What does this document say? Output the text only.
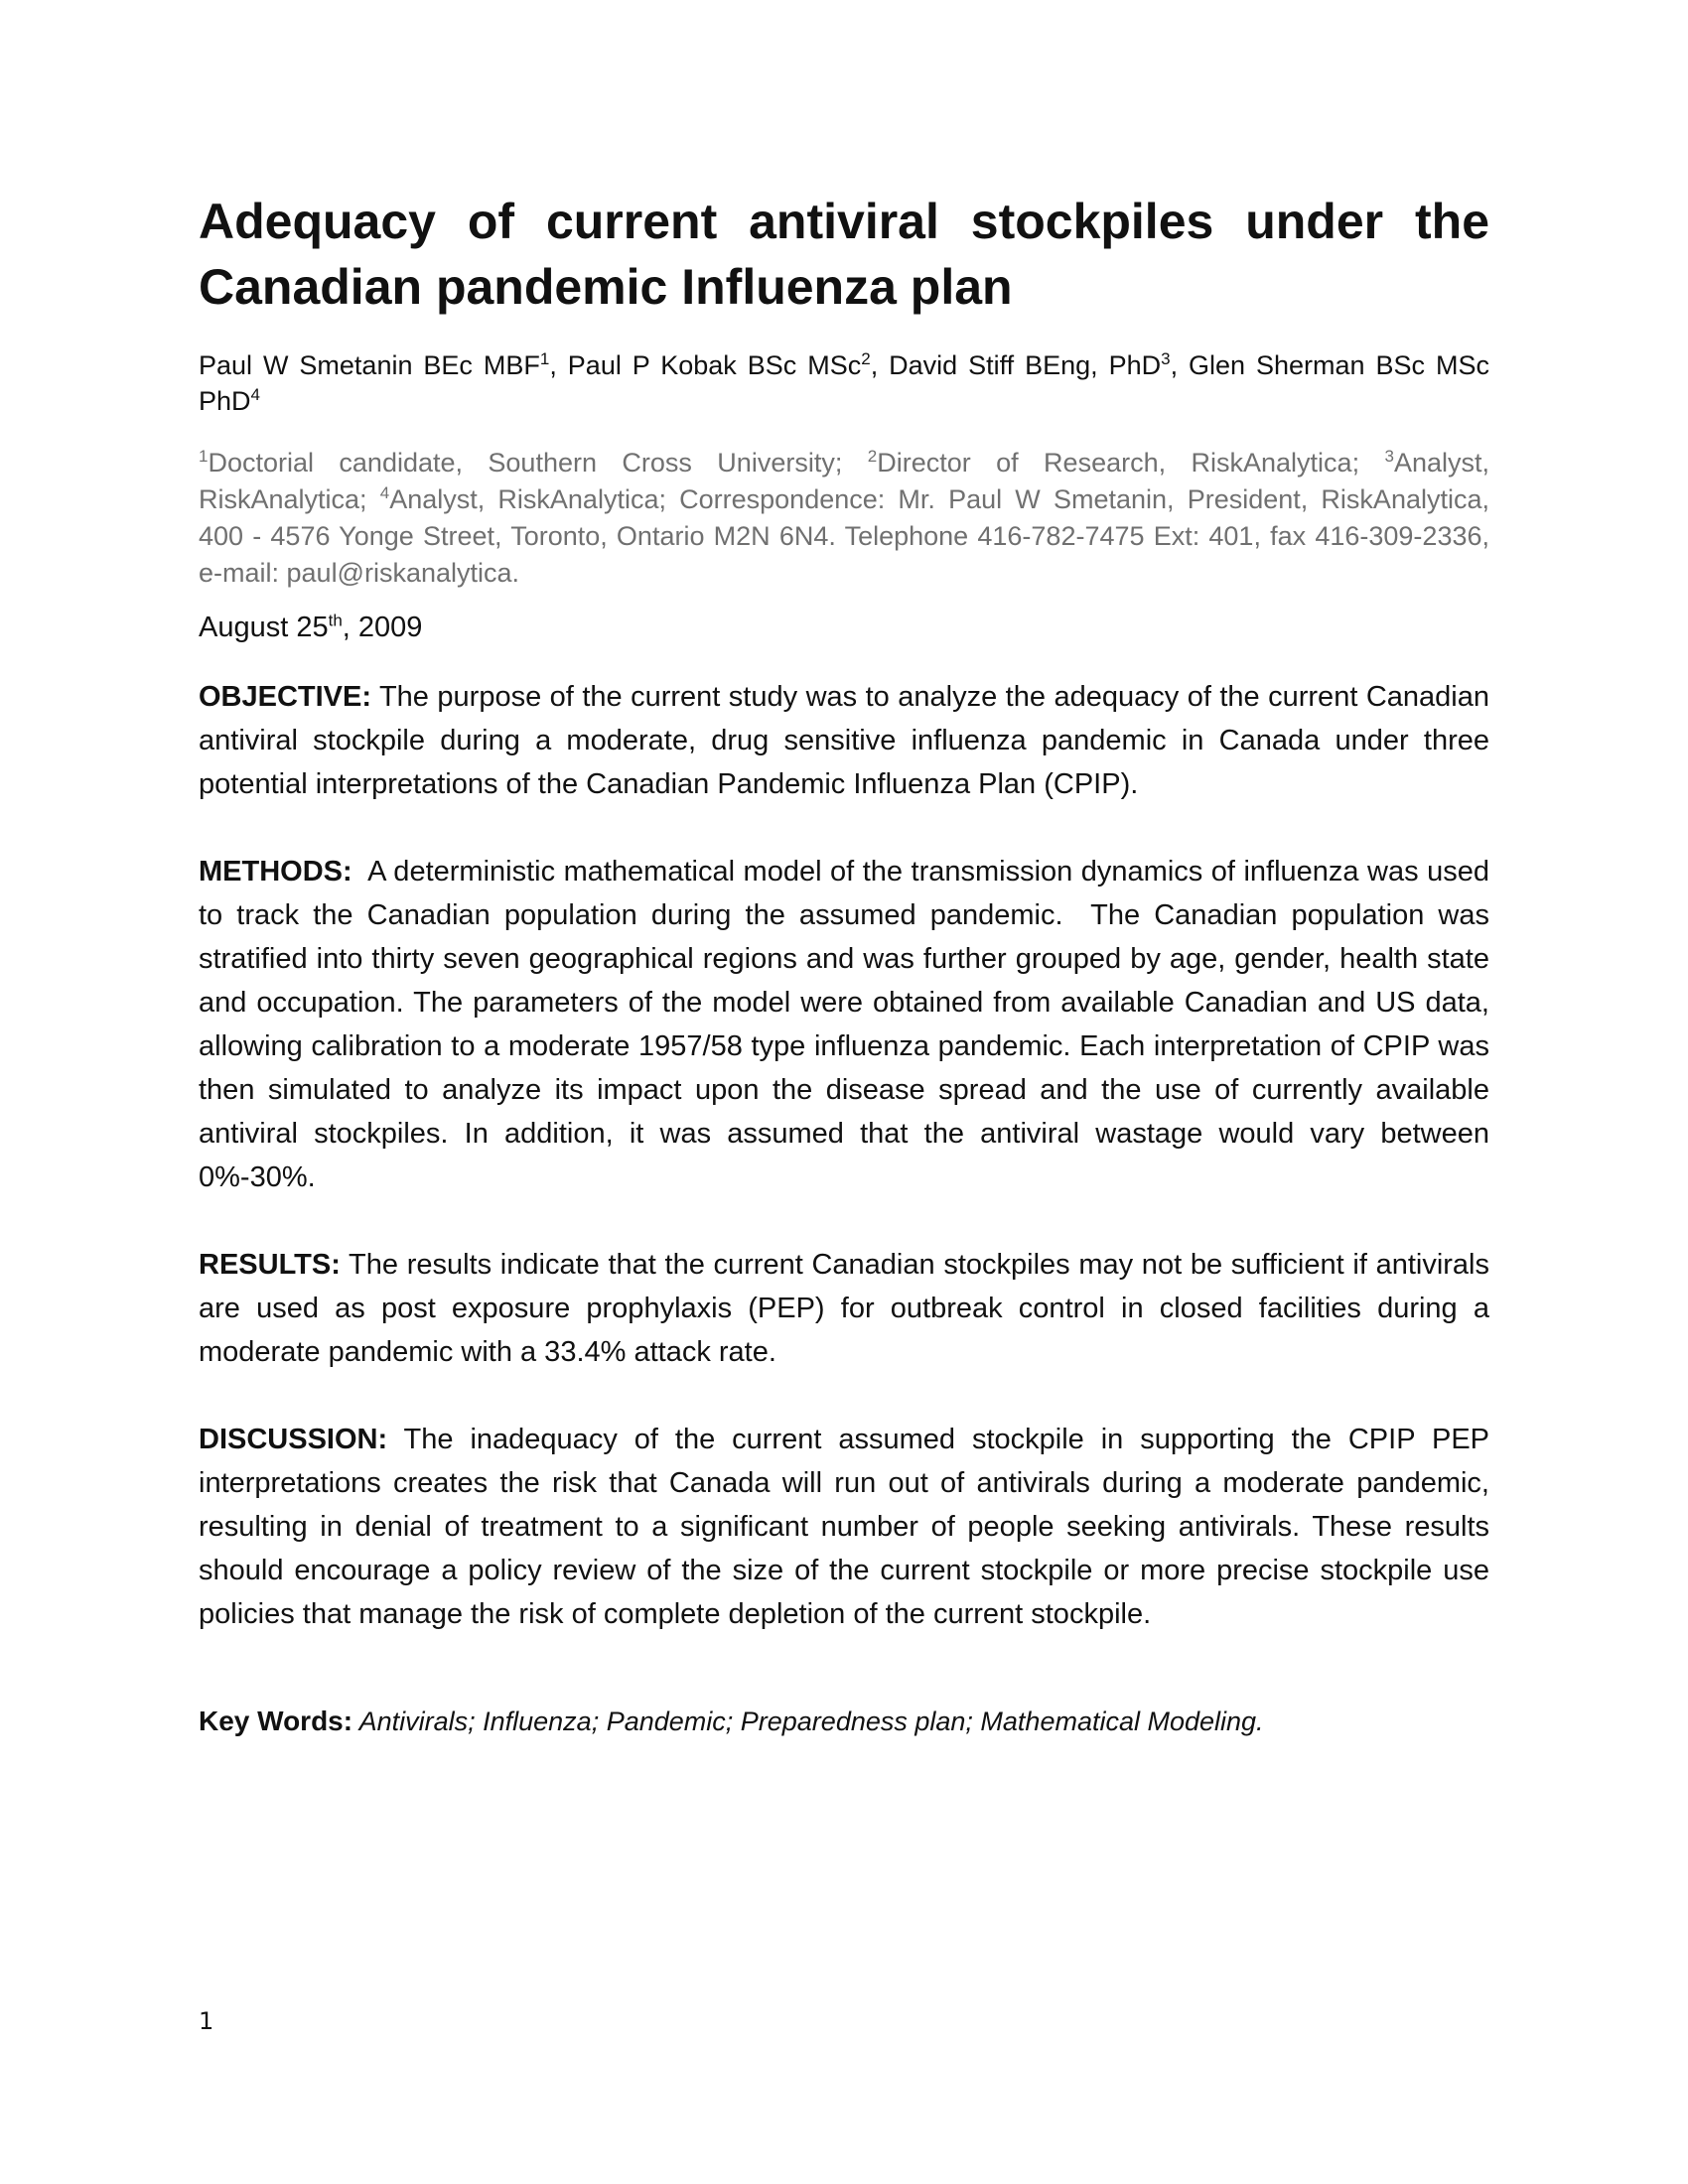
Adequacy of current antiviral stockpiles under the Canadian pandemic Influenza plan

Paul W Smetanin BEc MBF$^1$, Paul P Kobak BSc MSc$^2$, David Stiff BEng, PhD$^3$, Glen Sherman BSc MSc PhD$^4$

$^1$Doctorial candidate, Southern Cross University; $^2$Director of Research, RiskAnalytica; $^3$Analyst, RiskAnalytica; $^4$Analyst, RiskAnalytica; Correspondence: Mr. Paul W Smetanin, President, RiskAnalytica, 400 - 4576 Yonge Street, Toronto, Ontario M2N 6N4. Telephone 416-782-7475 Ext: 401, fax 416-309-2336, e-mail: paul@riskanalytica.

August 25th, 2009

OBJECTIVE: The purpose of the current study was to analyze the adequacy of the current Canadian antiviral stockpile during a moderate, drug sensitive influenza pandemic in Canada under three potential interpretations of the Canadian Pandemic Influenza Plan (CPIP).

METHODS:  A deterministic mathematical model of the transmission dynamics of influenza was used to track the Canadian population during the assumed pandemic.  The Canadian population was stratified into thirty seven geographical regions and was further grouped by age, gender, health state and occupation. The parameters of the model were obtained from available Canadian and US data, allowing calibration to a moderate 1957/58 type influenza pandemic. Each interpretation of CPIP was then simulated to analyze its impact upon the disease spread and the use of currently available antiviral stockpiles. In addition, it was assumed that the antiviral wastage would vary between 0%-30%.

RESULTS: The results indicate that the current Canadian stockpiles may not be sufficient if antivirals are used as post exposure prophylaxis (PEP) for outbreak control in closed facilities during a moderate pandemic with a 33.4% attack rate.

DISCUSSION: The inadequacy of the current assumed stockpile in supporting the CPIP PEP interpretations creates the risk that Canada will run out of antivirals during a moderate pandemic, resulting in denial of treatment to a significant number of people seeking antivirals. These results should encourage a policy review of the size of the current stockpile or more precise stockpile use policies that manage the risk of complete depletion of the current stockpile.

Key Words: Antivirals; Influenza; Pandemic; Preparedness plan; Mathematical Modeling.

1
